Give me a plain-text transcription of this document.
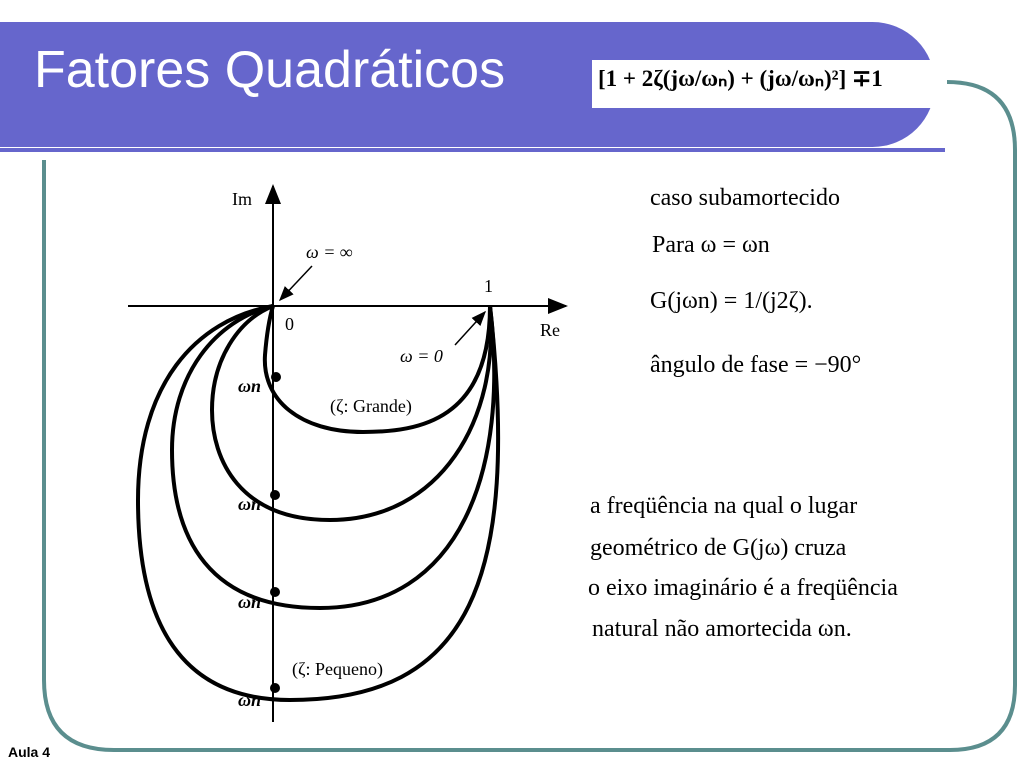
Fatores Quadráticos	[1 + 2ζ(jω/ωₙ) + (jω/ωₙ)²] ∓1
Im
Re
ω = ∞
ω = 0
0
1
(ζ: Grande)
(ζ: Pequeno)
ωn
ωn
ωn
ωn
caso subamortecido
Para ω = ωn
G(jωn) = 1/(j2ζ).
ângulo de fase = −90°
a freqüência na qual o lugar
geométrico de G(jω) cruza
o eixo imaginário é a freqüência
natural não amortecida ωn.
Aula 4
